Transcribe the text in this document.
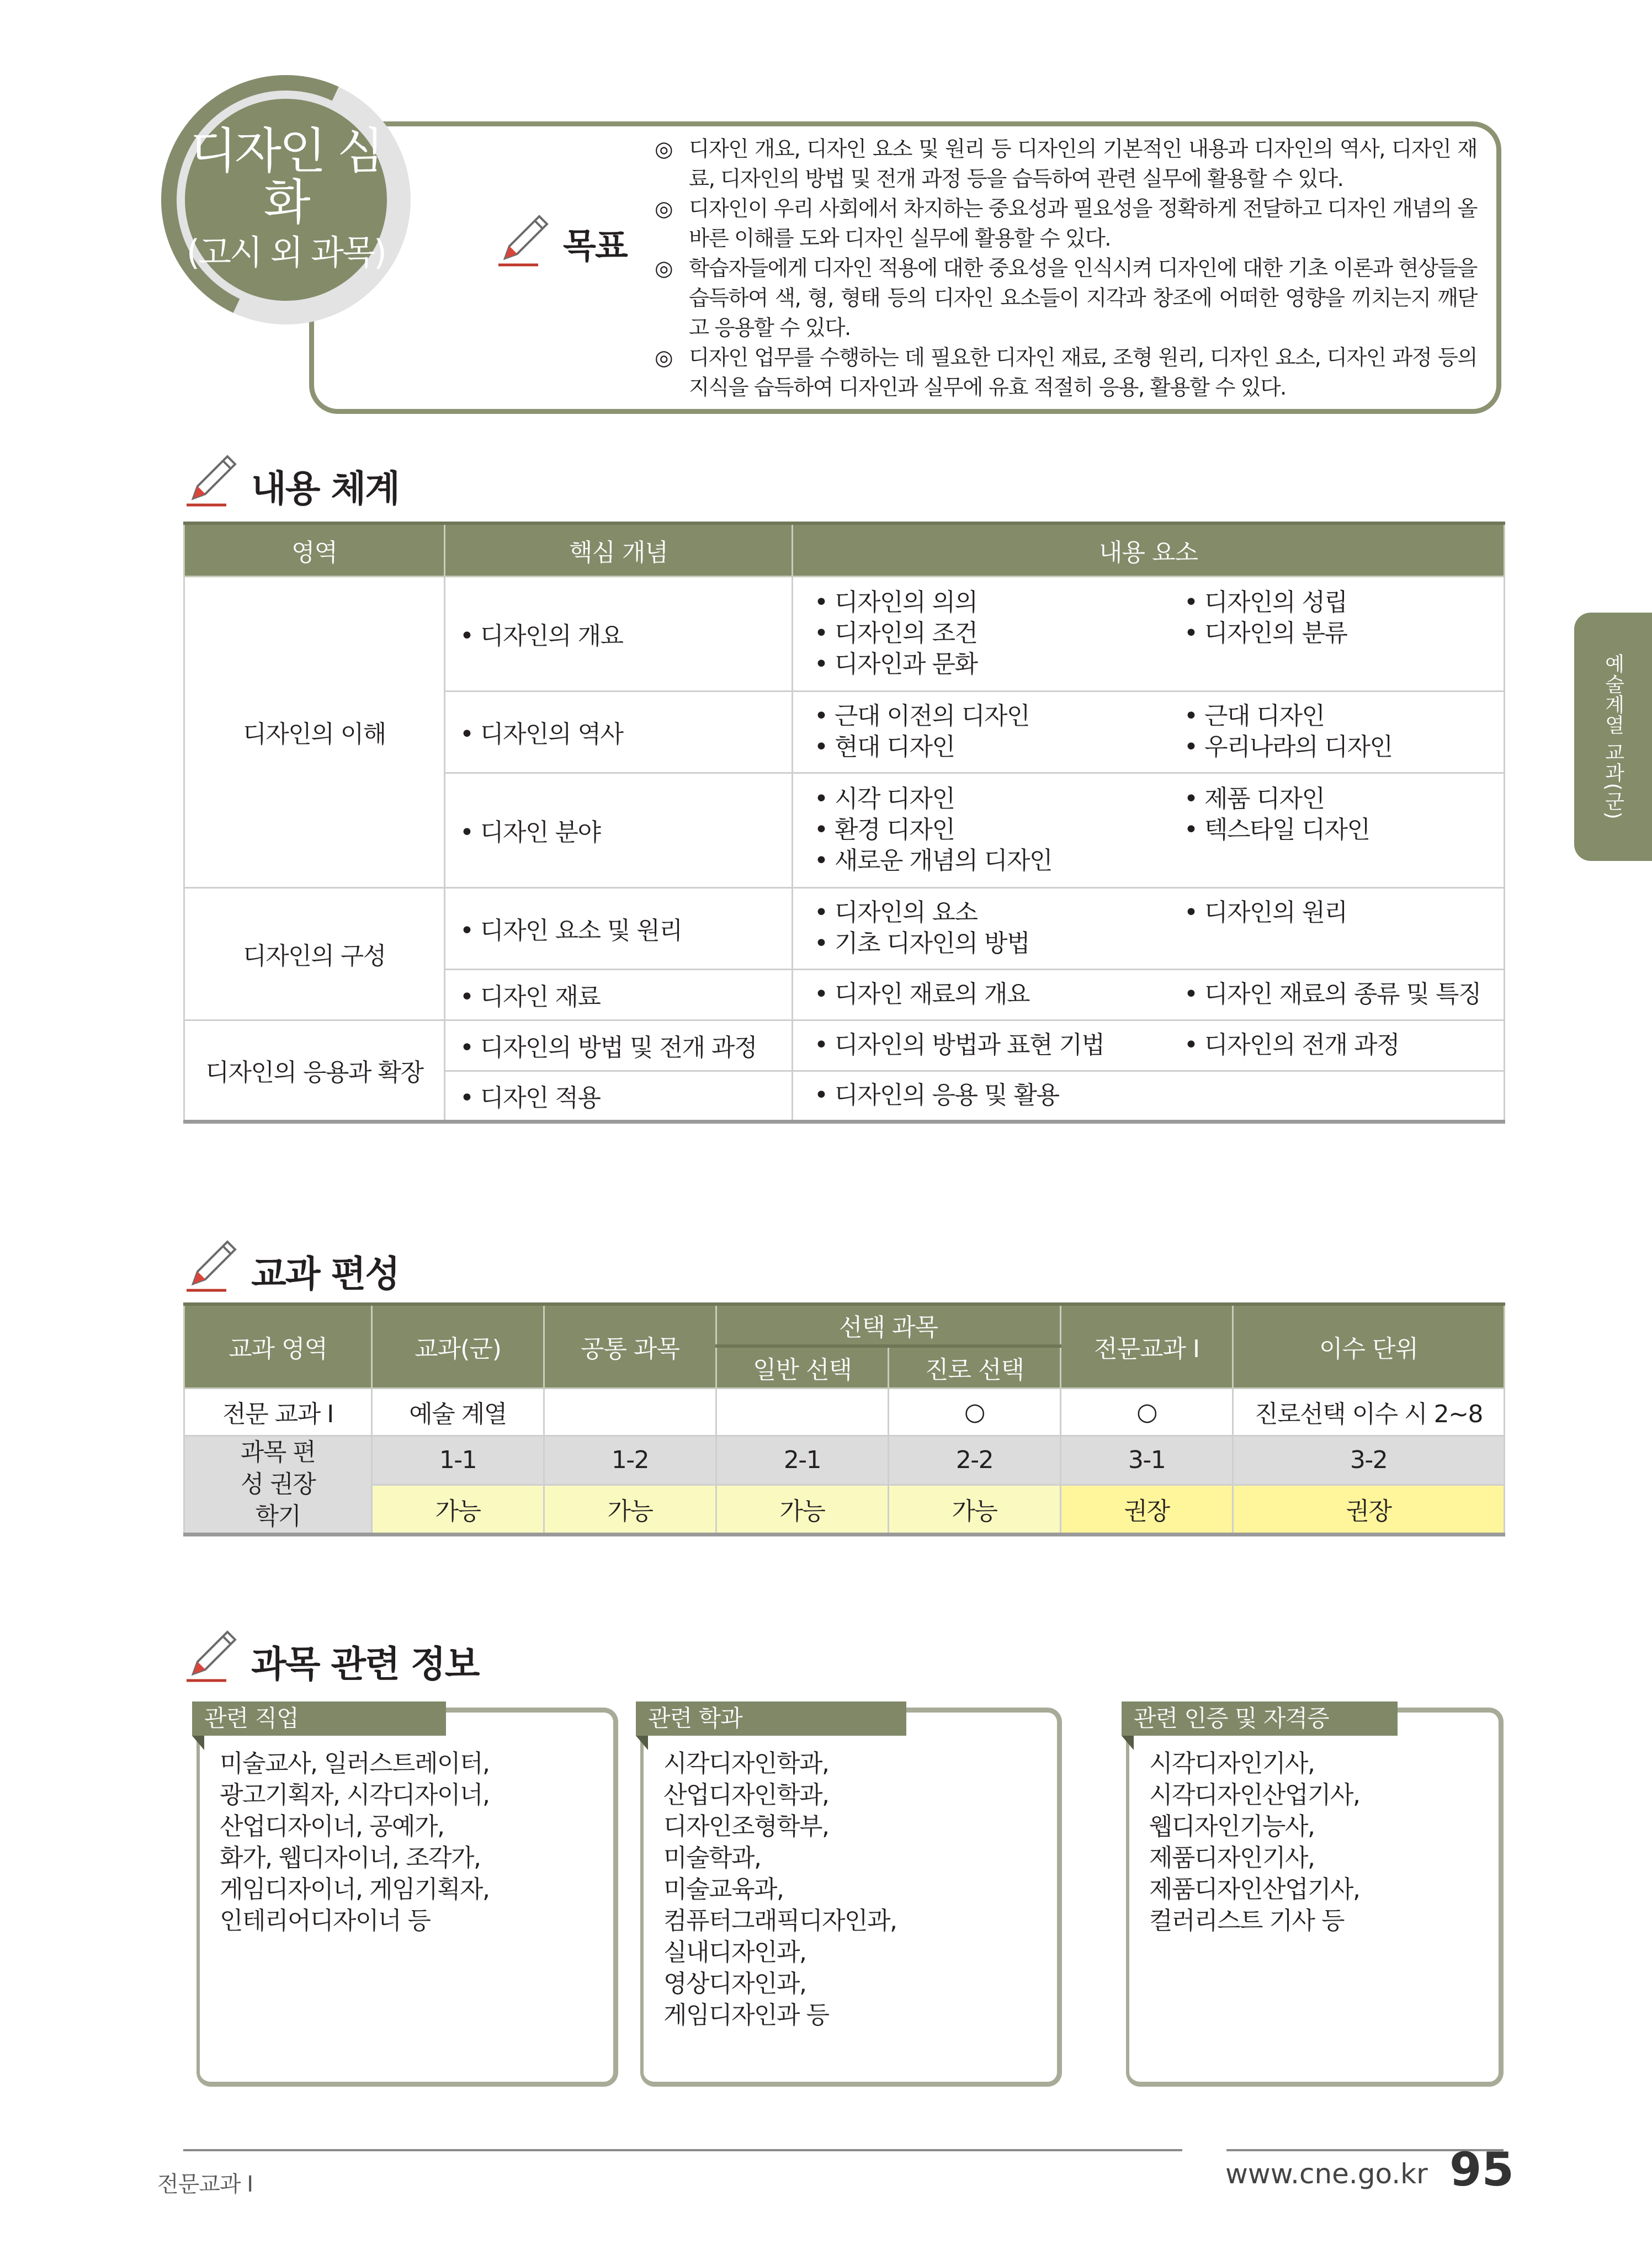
디자인 심화
(고시 외 과목)	목표
◎ 디자인 개요, 디자인 요소 및 원리 등 디자인의 기본적인 내용과 디자인의 역사, 디자인 재료, 디자인의 방법 및 전개 과정 등을 습득하여 관련 실무에 활용할 수 있다.
◎ 디자인이 우리 사회에서 차지하는 중요성과 필요성을 정확하게 전달하고 디자인 개념의 올바른 이해를 도와 디자인 실무에 활용할 수 있다.
◎ 학습자들에게 디자인 적용에 대한 중요성을 인식시켜 디자인에 대한 기초 이론과 현상들을 습득하여 색, 형, 형태 등의 디자인 요소들이 지각과 창조에 어떠한 영향을 끼치는지 깨닫고 응용할 수 있다.
◎ 디자인 업무를 수행하는 데 필요한 디자인 재료, 조형 원리, 디자인 요소, 디자인 과정 등의 지식을 습득하여 디자인과 실무에 유효 적절히 응용, 활용할 수 있다.
내용 체계
영역	핵심 개념	내용 요소
디자인의 이해	• 디자인의 개요	• 디자인의 의의 • 디자인의 성립
• 디자인의 조건 • 디자인의 분류
• 디자인과 문화

	• 디자인의 역사	• 근대 이전의 디자인 • 근대 디자인
• 현대 디자인 • 우리나라의 디자인

	• 디자인 분야	• 시각 디자인 • 제품 디자인
• 환경 디자인 • 텍스타일 디자인
• 새로운 개념의 디자인

디자인의 구성	• 디자인 요소 및 원리	• 디자인의 요소 • 디자인의 원리
• 기초 디자인의 방법

	• 디자인 재료	• 디자인 재료의 개요 • 디자인 재료의 종류 및 특징

디자인의 응용과 확장	• 디자인의 방법 및 전개 과정	• 디자인의 방법과 표현 기법 • 디자인의 전개 과정

	• 디자인 적용	• 디자인의 응용 및 활용
교과 편성
교과 영역	교과(군)	공통 과목	선택 과목		전문교과 Ⅰ	이수 단위
			일반 선택	진로 선택		
전문 교과 Ⅰ	예술 계열			○	○	진로선택 이수 시 2~8
과목 편성 권장 학기	1-1	1-2	2-1	2-2	3-1	3-2
	가능	가능	가능	가능	권장	권장
과목 관련 정보
관련 직업
미술교사, 일러스트레이터,
광고기획자, 시각디자이너,
산업디자이너, 공예가,
화가, 웹디자이너, 조각가,
게임디자이너, 게임기획자,
인테리어디자이너 등
관련 학과
시각디자인학과,
산업디자인학과,
디자인조형학부,
미술학과,
미술교육과,
컴퓨터그래픽디자인과,
실내디자인과,
영상디자인과,
게임디자인과 등
관련 인증 및 자격증
시각디자인기사,
시각디자인산업기사,
웹디자인기능사,
제품디자인기사,
제품디자인산업기사,
컬러리스트 기사 등
예술계열 교과(군)
전문교과 Ⅰ	www.cne.go.kr 95
